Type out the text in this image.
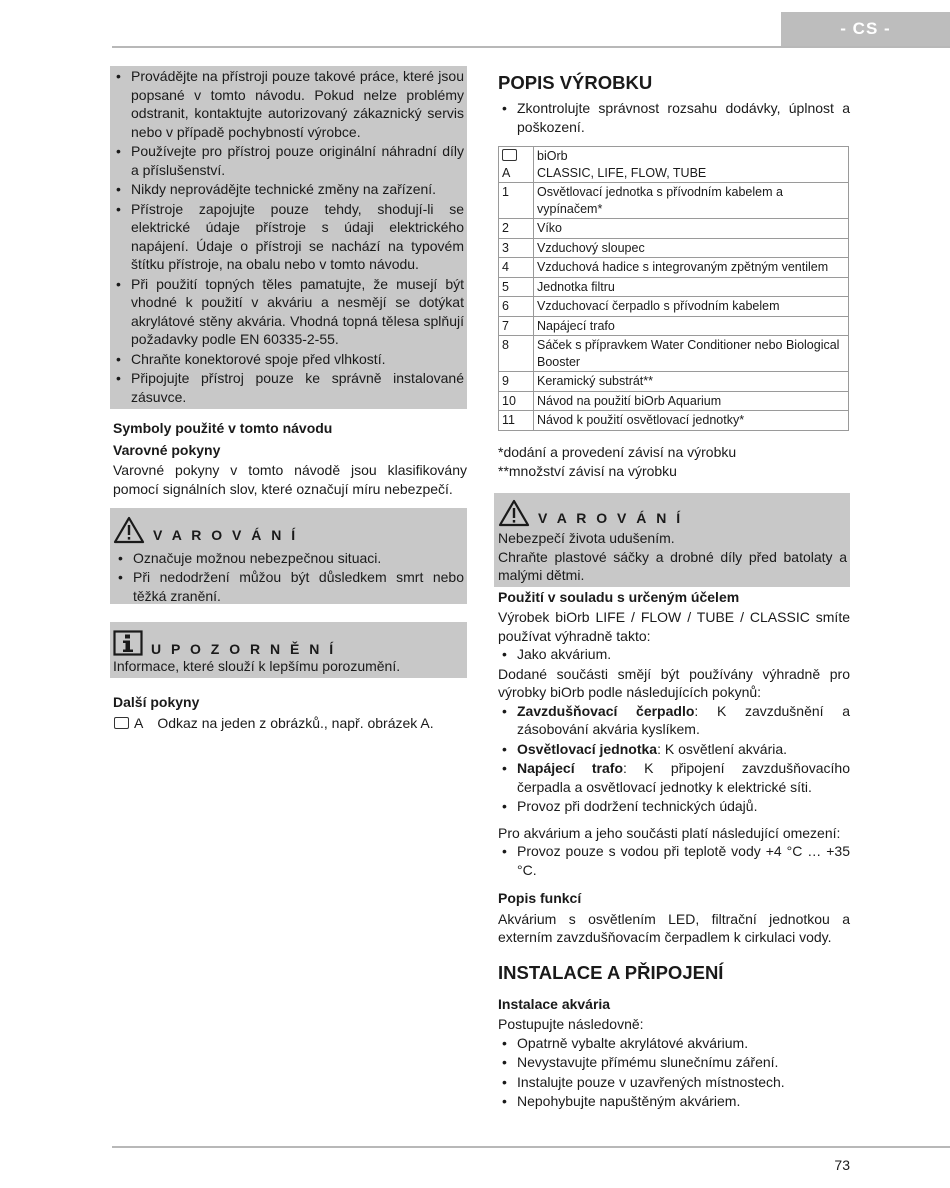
- CS -
• Provádějte na přístroji pouze takové práce, které jsou popsané v tomto návodu. Pokud nelze problémy odstranit, kontaktujte autorizovaný zákaznický servis nebo v případě pochybností výrobce.
• Používejte pro přístroj pouze originální náhradní díly a příslušenství.
• Nikdy neprovádějte technické změny na zařízení.
• Přístroje zapojujte pouze tehdy, shodují-li se elektrické údaje přístroje s údaji elektrického napájení. Údaje o přístroji se nachází na typovém štítku přístroje, na obalu nebo v tomto návodu.
• Při použití topných těles pamatujte, že musejí být vhodné k použití v akváriu a nesmějí se dotýkat akrylátové stěny akvária. Vhodná topná tělesa splňují požadavky podle EN 60335-2-55.
• Chraňte konektorové spoje před vlhkostí.
• Připojujte přístroj pouze ke správně instalované zásuvce.

Symboly použité v tomto návodu

Varovné pokyny

Varovné pokyny v tomto návodě jsou klasifikovány pomocí signálních slov, které označují míru nebezpečí.

V A R O V Á N Í
• Označuje možnou nebezpečnou situaci.
• Při nedodržení můžou být důsledkem smrt nebo těžká zranění.
U P O Z O R N Ě N Í

Informace, které slouží k lepšímu porozumění.

Další pokyny

A Odkaz na jeden z obrázků., např. obrázek A.
POPIS VÝROBKU
• Zkontrolujte správnost rozsahu dodávky, úplnost a poškození.
A	biOrb
CLASSIC, LIFE, FLOW, TUBE

1	Osvětlovací jednotka s přívodním kabelem a vypínačem*
2	Víko
3	Vzduchový sloupec
4	Vzduchová hadice s integrovaným zpětným ventilem
5	Jednotka filtru
6	Vzduchovací čerpadlo s přívodním kabelem
7	Napájecí trafo
8	Sáček s přípravkem Water Conditioner nebo Biological Booster
9	Keramický substrát**
10	Návod na použití biOrb Aquarium
11	Návod k použití osvětlovací jednotky*

*dodání a provedení závisí na výrobku

**množství závisí na výrobku

V A R O V Á N Í

Nebezpečí života udušením.

Chraňte plastové sáčky a drobné díly před batolaty a malými dětmi.

Použití v souladu s určeným účelem

Výrobek biOrb LIFE / FLOW / TUBE / CLASSIC smíte používat výhradně takto:

• Jako akvárium.

Dodané součásti smějí být používány výhradně pro výrobky biOrb podle následujících pokynů:

• Zavzdušňovací čerpadlo: K zavzdušnění a zásobování akvária kyslíkem.
• Osvětlovací jednotka: K osvětlení akvária.
• Napájecí trafo: K připojení zavzdušňovacího čerpadla a osvětlovací jednotky k elektrické síti.
• Provoz při dodržení technických údajů.

Pro akvárium a jeho součásti platí následující omezení:

• Provoz pouze s vodou při teplotě vody +4 °C … +35 °C.

Popis funkcí

Akvárium s osvětlením LED, filtrační jednotkou a externím zavzdušňovacím čerpadlem k cirkulaci vody.

INSTALACE A PŘIPOJENÍ

Instalace akvária

Postupujte následovně:

• Opatrně vybalte akrylátové akvárium.
• Nevystavujte přímému slunečnímu záření.
• Instalujte pouze v uzavřených místnostech.
• Nepohybujte napuštěným akváriem.
73
